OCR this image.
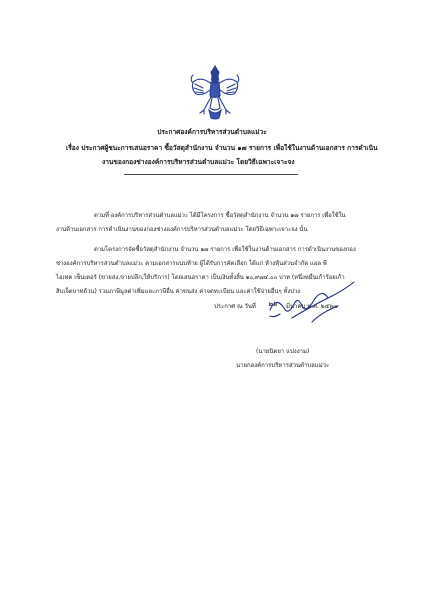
ประกาศองค์การบริหารส่วนตำบลแม่วะ
เรื่อง ประกาศผู้ชนะการเสนอราคา ซื้อวัสดุสำนักงาน จำนวน ๑๗ รายการ เพื่อใช้ในงานด้านเอกสาร การดำเนิน
งานของกองช่างองค์การบริหารส่วนตำบลแม่วะ โดยวิธีเฉพาะเจาะจง
ตามที่ องค์การบริหารส่วนตำบลแม่วะ ได้มีโครงการ ซื้อวัสดุสำนักงาน จำนวน ๑๗ รายการ เพื่อใช้ใน
งานด้านเอกสาร การดำเนินงานของกองช่างองค์การบริหารส่วนตำบลแม่วะ โดยวิธีเฉพาะเจาะจง นั้น
ตามโครงการจัดซื้อวัสดุสำนักงาน จำนวน ๑๗ รายการ เพื่อใช้ในงานด้านเอกสาร การดำเนินงานของกอง
ช่างองค์การบริหารส่วนตำบลแม่วะ ตามเอกสารแนบท้าย ผู้ได้รับการคัดเลือก ได้แก่ ห้างหุ้นส่วนจำกัด แอล พี
ไอเทค เซ็นเตอร์ (ขายส่ง,ขายปลีก,ให้บริการ) โดยเสนอราคา เป็นเงินทั้งสิ้น ๑๐,๙๗๔.๐๐ บาท (หนึ่งหมื่นเก้าร้อยเก้า
สิบเจ็ดบาทถ้วน) รวมภาษีมูลค่าเพิ่มและภาษีอื่น ค่าขนส่ง ค่าจดทะเบียน และค่าใช้จ่ายอื่นๆ ทั้งปวง
ประกาศ ณ วันที่ ๒๖ มีนาคม พ.ศ. ๒๕๖๗
(นายนิตยา แปงงาม)
นายกองค์การบริหารส่วนตำบลแม่วะ
